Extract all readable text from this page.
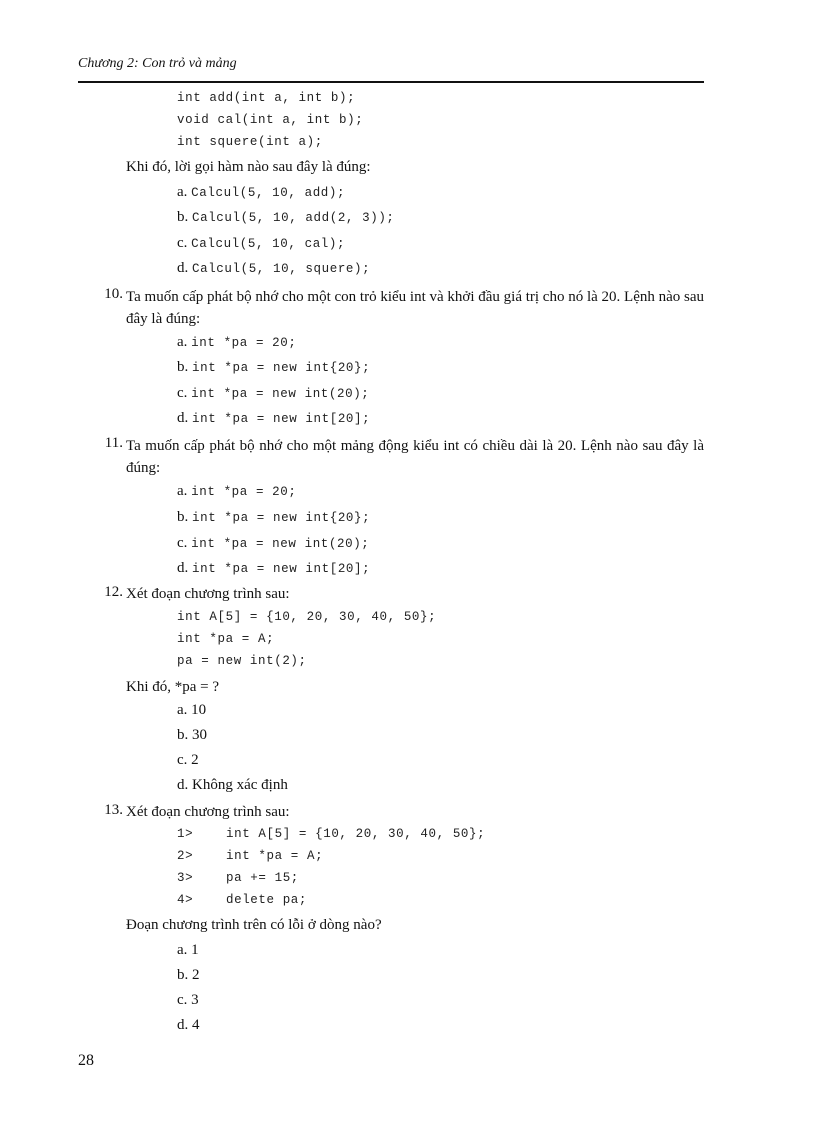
Chương 2: Con trỏ và mảng
int add(int a, int b);
void cal(int a, int b);
int squere(int a);
Khi đó, lời gọi hàm nào sau đây là đúng:
a. Calcul(5, 10, add);
b. Calcul(5, 10, add(2, 3));
c. Calcul(5, 10, cal);
d. Calcul(5, 10, squere);
10. Ta muốn cấp phát bộ nhớ cho một con trỏ kiểu int và khởi đầu giá trị cho nó là 20. Lệnh nào sau đây là đúng:
a. int *pa = 20;
b. int *pa = new int{20};
c. int *pa = new int(20);
d. int *pa = new int[20];
11. Ta muốn cấp phát bộ nhớ cho một mảng động kiểu int có chiều dài là 20. Lệnh nào sau đây là đúng:
a. int *pa = 20;
b. int *pa = new int{20};
c. int *pa = new int(20);
d. int *pa = new int[20];
12. Xét đoạn chương trình sau:
int A[5] = {10, 20, 30, 40, 50};
int *pa = A;
pa = new int(2);
Khi đó, *pa = ?
a. 10
b. 30
c. 2
d. Không xác định
13. Xét đoạn chương trình sau:
1>	int A[5] = {10, 20, 30, 40, 50};
2>	int *pa = A;
3>	pa += 15;
4>	delete pa;
Đoạn chương trình trên có lỗi ở dòng nào?
a. 1
b. 2
c. 3
d. 4
28
